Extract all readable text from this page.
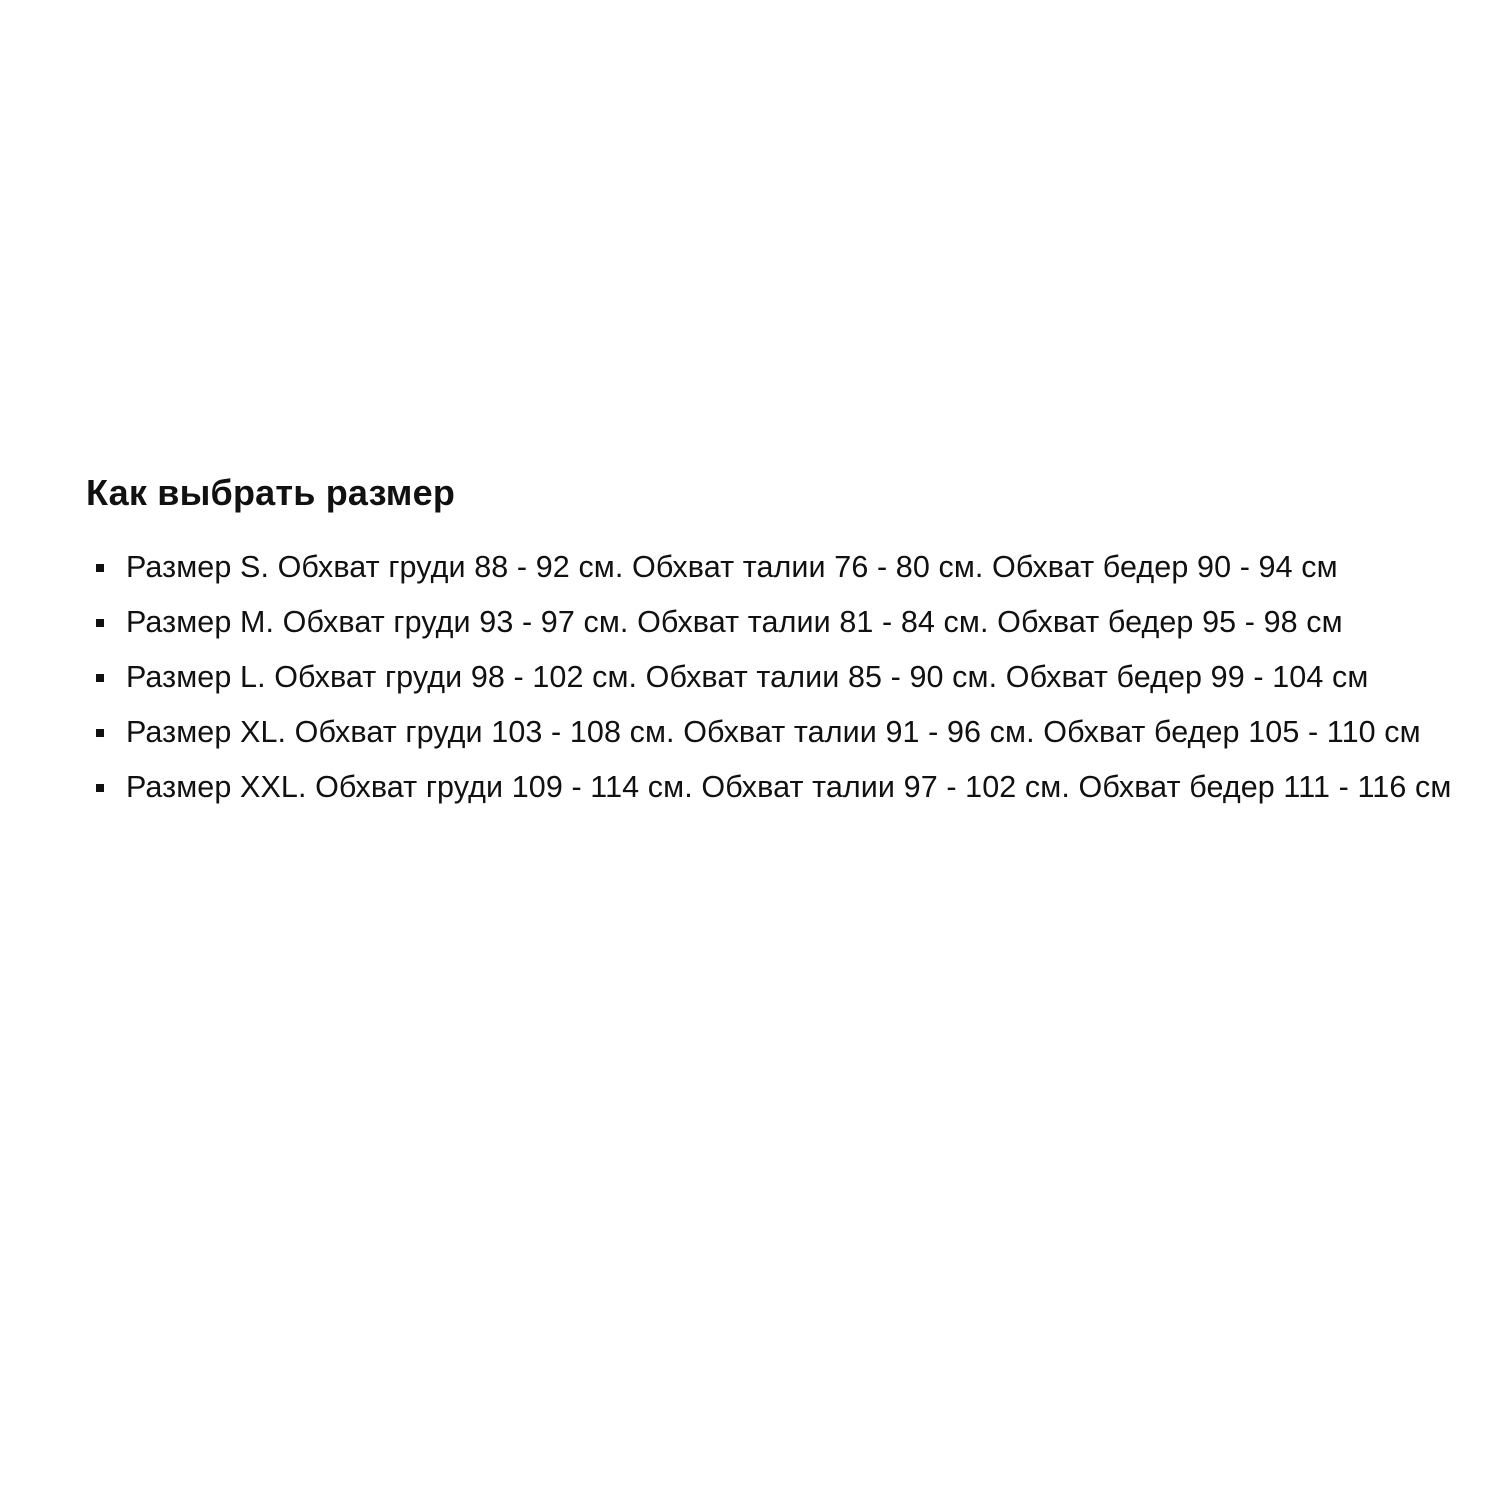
Как выбрать размер
Размер S. Обхват груди 88 - 92 см. Обхват талии 76 - 80 см. Обхват бедер 90 - 94 см
Размер M. Обхват груди 93 - 97 см. Обхват талии 81 - 84 см. Обхват бедер 95 - 98 см
Размер L. Обхват груди 98 - 102 см. Обхват талии 85 - 90 см. Обхват бедер 99 - 104 см
Размер XL. Обхват груди 103 - 108 см. Обхват талии 91 - 96 см. Обхват бедер 105 - 110 см
Размер XXL. Обхват груди 109 - 114 см. Обхват талии 97 - 102 см. Обхват бедер 111 - 116 см
